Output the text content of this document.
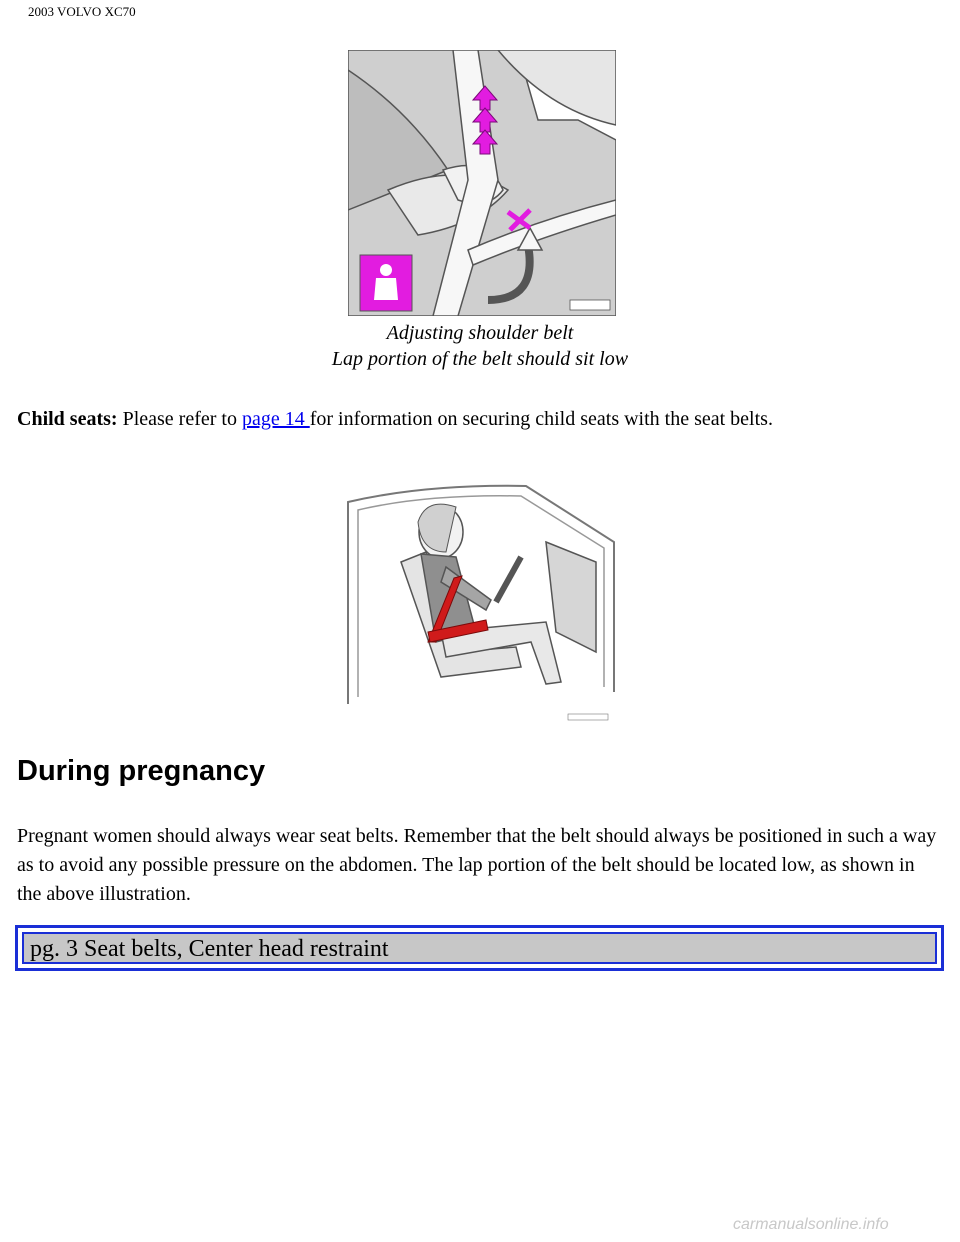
2003 VOLVO XC70
Adjusting shoulder belt
Lap portion of the belt should sit low
Child seats: Please refer to page 14 for information on securing child seats with the seat belts.
During pregnancy
Pregnant women should always wear seat belts. Remember that the belt should always be positioned in such a way as to avoid any possible pressure on the abdomen. The lap portion of the belt should be located low, as shown in the above illustration.
pg. 3 Seat belts, Center head restraint
carmanualsonline.info
